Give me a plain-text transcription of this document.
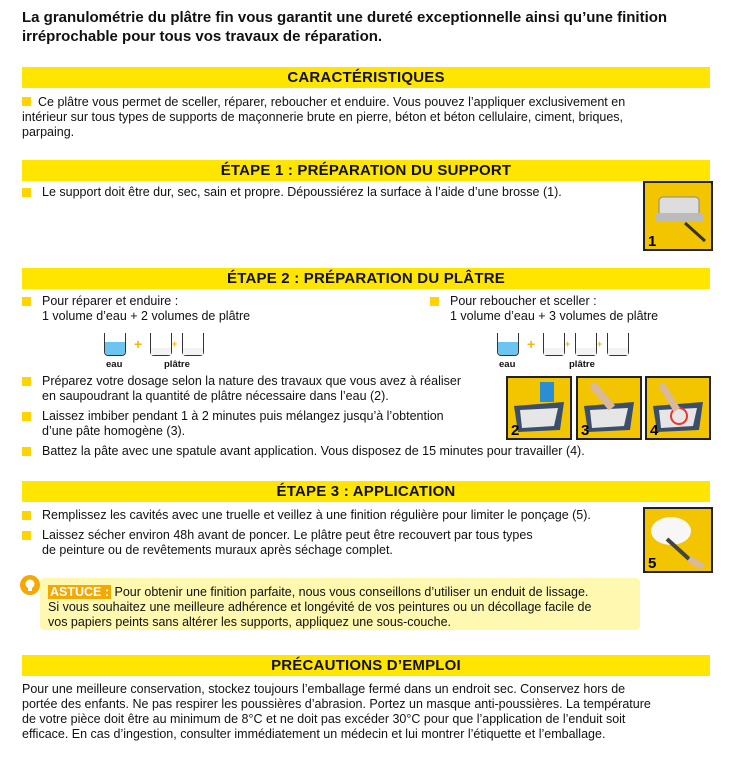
La granulométrie du plâtre fin vous garantit une dureté exceptionnelle ainsi qu’une finition
irréprochable pour tous vos travaux de réparation.
CARACTÉRISTIQUES
Ce plâtre vous permet de sceller, réparer, reboucher et enduire. Vous pouvez l’appliquer exclusivement en
intérieur sur tous types de supports de maçonnerie brute en pierre, béton et béton cellulaire, ciment, briques,
parpaing.
ÉTAPE 1 : PRÉPARATION DU SUPPORT
Le support doit être dur, sec, sain et propre. Dépoussiérez la surface à l’aide d’une brosse (1).
1
ÉTAPE 2 : PRÉPARATION DU PLÂTRE
Pour réparer et enduire :
1 volume d’eau + 2 volumes de plâtre
Pour reboucher et sceller :
1 volume d’eau + 3 volumes de plâtre
+	+
eau	plâtre
+	+	+
eau	plâtre
Préparez votre dosage selon la nature des travaux que vous avez à réaliser
en saupoudrant la quantité de plâtre nécessaire dans l’eau (2).
Laissez imbiber pendant 1 à 2 minutes puis mélangez jusqu’à l’obtention
d’une pâte homogène (3).
Battez la pâte avec une spatule avant application. Vous disposez de 15 minutes pour travailler (4).
2	3	4
ÉTAPE 3 : APPLICATION
Remplissez les cavités avec une truelle et veillez à une finition régulière pour limiter le ponçage (5).
Laissez sécher environ 48h avant de poncer. Le plâtre peut être recouvert par tous types
de peinture ou de revêtements muraux après séchage complet.
5
ASTUCE : Pour obtenir une finition parfaite, nous vous conseillons d’utiliser un enduit de lissage.
Si vous souhaitez une meilleure adhérence et longévité de vos peintures ou un décollage facile de
vos papiers peints sans altérer les supports, appliquez une sous-couche.
PRÉCAUTIONS D’EMPLOI
Pour une meilleure conservation, stockez toujours l’emballage fermé dans un endroit sec. Conservez hors de
portée des enfants. Ne pas respirer les poussières d’abrasion. Portez un masque anti-poussières. La température
de votre pièce doit être au minimum de 8°C et ne doit pas excéder 30°C pour que l’application de l’enduit soit
efficace. En cas d’ingestion, consulter immédiatement un médecin et lui montrer l’étiquette et l’emballage.
